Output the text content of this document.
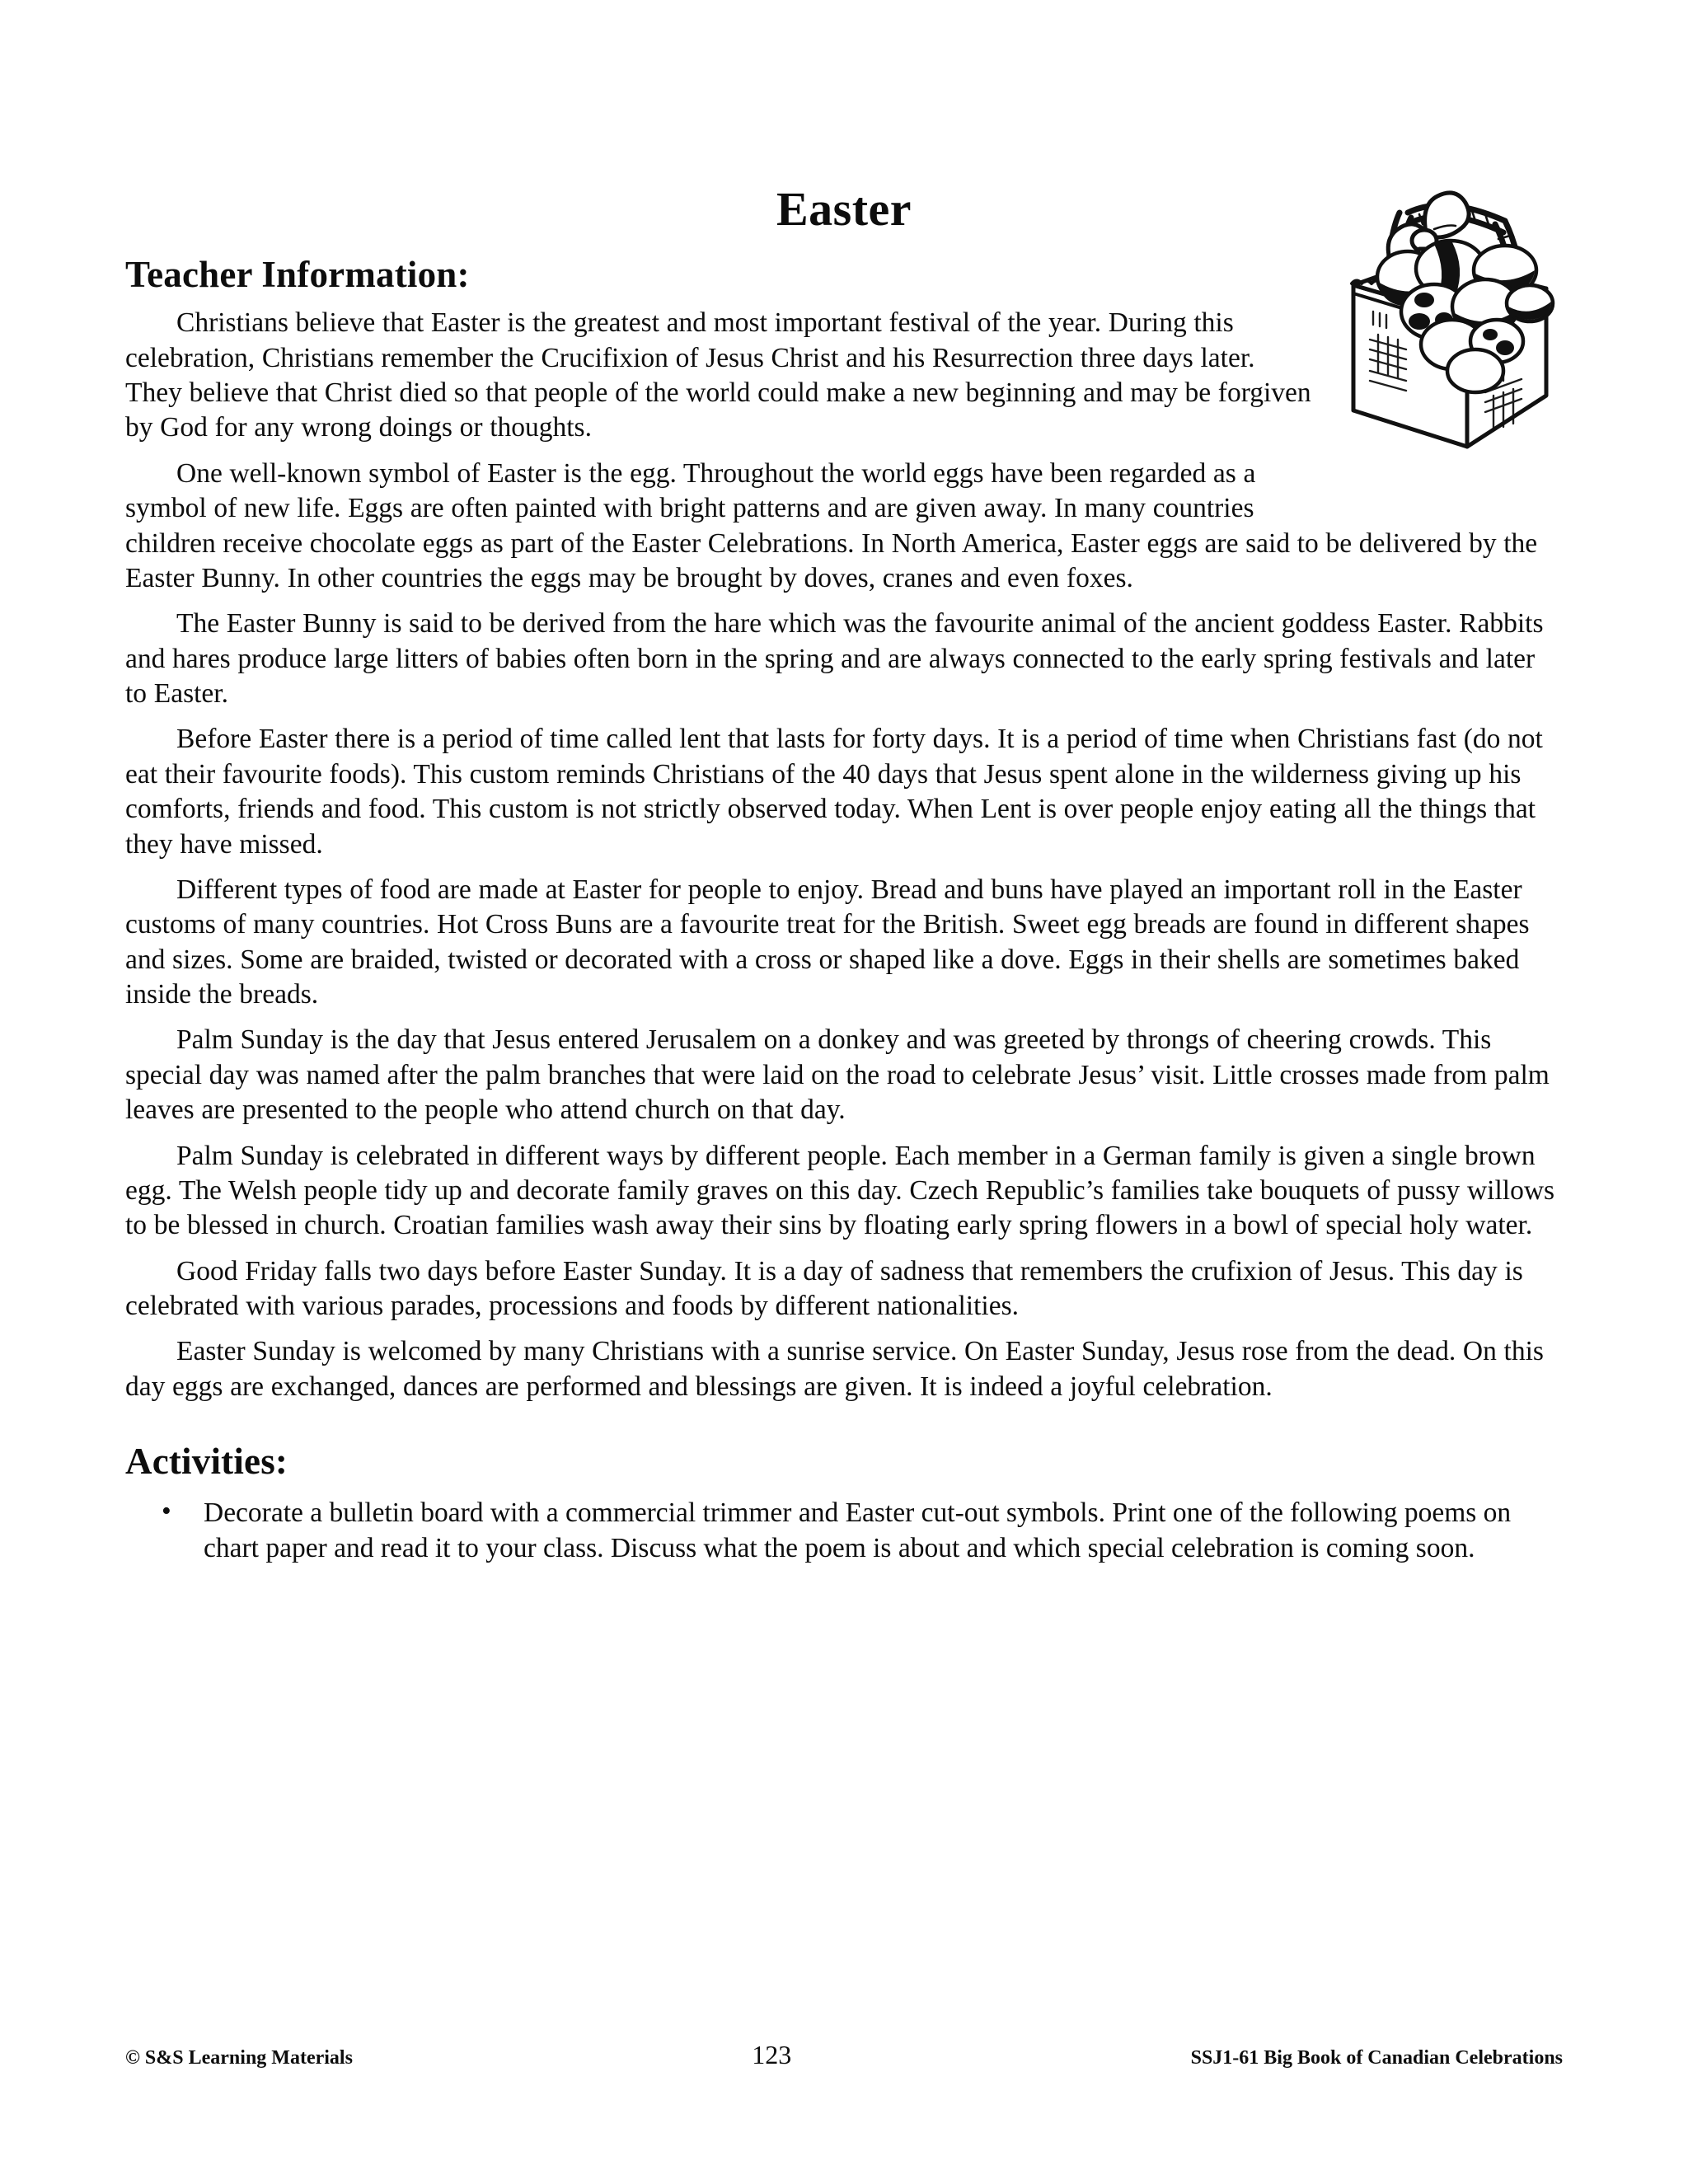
Easter
Teacher Information:

Christians believe that Easter is the greatest and most important festival of the year. During this celebration, Christians remember the Crucifixion of Jesus Christ and his Resurrection three days later. They believe that Christ died so that people of the world could make a new beginning and may be forgiven by God for any wrong doings or thoughts.

One well-known symbol of Easter is the egg. Throughout the world eggs have been regarded as a symbol of new life. Eggs are often painted with bright patterns and are given away. In many countries children receive chocolate eggs as part of the Easter Celebrations. In North America, Easter eggs are said to be delivered by the Easter Bunny. In other countries the eggs may be brought by doves, cranes and even foxes.

The Easter Bunny is said to be derived from the hare which was the favourite animal of the ancient goddess Easter. Rabbits and hares produce large litters of babies often born in the spring and are always connected to the early spring festivals and later to Easter.

Before Easter there is a period of time called lent that lasts for forty days. It is a period of time when Christians fast (do not eat their favourite foods). This custom reminds Christians of the 40 days that Jesus spent alone in the wilderness giving up his comforts, friends and food. This custom is not strictly observed today. When Lent is over people enjoy eating all the things that they have missed.

Different types of food are made at Easter for people to enjoy. Bread and buns have played an important roll in the Easter customs of many countries. Hot Cross Buns are a favourite treat for the British. Sweet egg breads are found in different shapes and sizes. Some are braided, twisted or decorated with a cross or shaped like a dove. Eggs in their shells are sometimes baked inside the breads.

Palm Sunday is the day that Jesus entered Jerusalem on a donkey and was greeted by throngs of cheering crowds. This special day was named after the palm branches that were laid on the road to celebrate Jesus’ visit. Little crosses made from palm leaves are presented to the people who attend church on that day.

Palm Sunday is celebrated in different ways by different people. Each member in a German family is given a single brown egg. The Welsh people tidy up and decorate family graves on this day. Czech Republic’s families take bouquets of pussy willows to be blessed in church. Croatian families wash away their sins by floating early spring flowers in a bowl of special holy water.

Good Friday falls two days before Easter Sunday. It is a day of sadness that remembers the crufixion of Jesus. This day is celebrated with various parades, processions and foods by different nationalities.

Easter Sunday is welcomed by many Christians with a sunrise service. On Easter Sunday, Jesus rose from the dead. On this day eggs are exchanged, dances are performed and blessings are given. It is indeed a joyful celebration.

Activities:
• Decorate a bulletin board with a commercial trimmer and Easter cut-out symbols. Print one of the following poems on chart paper and read it to your class. Discuss what the poem is about and which special celebration is coming soon.
© S&S Learning Materials	123	SSJ1-61 Big Book of Canadian Celebrations
